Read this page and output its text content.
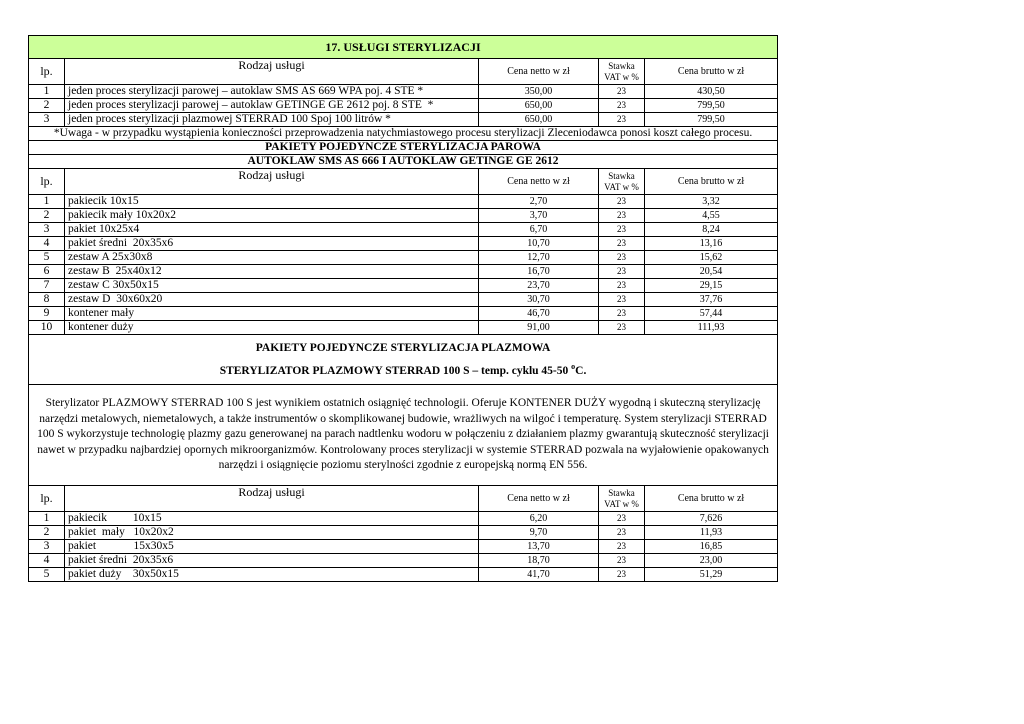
17. USŁUGI STERYLIZACJI				
lp.	Rodzaj usługi	Cena netto w zł	Stawka
VAT w %	Cena brutto w zł
1	jeden proces sterylizacji parowej – autoklaw SMS AS 669 WPA poj. 4 STE *	350,00	23	430,50
2	jeden proces sterylizacji parowej – autoklaw GETINGE GE 2612 poj. 8 STE  *	650,00	23	799,50
3	jeden proces sterylizacji plazmowej STERRAD 100 Spoj 100 litrów *	650,00	23	799,50
*Uwaga - w przypadku wystąpienia konieczności przeprowadzenia natychmiastowego procesu sterylizacji Zleceniodawca ponosi koszt całego procesu.				
PAKIETY POJEDYNCZE STERYLIZACJA PAROWA				
AUTOKLAW SMS AS 666 I AUTOKLAW GETINGE GE 2612				
lp.	Rodzaj usługi	Cena netto w zł	Stawka
VAT w %	Cena brutto w zł
1	pakiecik 10x15	2,70	23	3,32
2	pakiecik mały 10x20x2	3,70	23	4,55
3	pakiet 10x25x4	6,70	23	8,24
4	pakiet średni  20x35x6	10,70	23	13,16
5	zestaw A 25x30x8	12,70	23	15,62
6	zestaw B  25x40x12	16,70	23	20,54
7	zestaw C 30x50x15	23,70	23	29,15
8	zestaw D  30x60x20	30,70	23	37,76
9	kontener mały	46,70	23	57,44
10	kontener duży	91,00	23	111,93
PAKIETY POJEDYNCZE STERYLIZACJA PLAZMOWA
STERYLIZATOR PLAZMOWY STERRAD 100 S – temp. cyklu 45-50 $^o$C.				
Sterylizator PLAZMOWY STERRAD 100 S jest wynikiem ostatnich osiągnięć technologii. Oferuje KONTENER DUŻY wygodną i skuteczną sterylizację narzędzi metalowych, niemetalowych, a także instrumentów o skomplikowanej budowie, wrażliwych na wilgoć i temperaturę. System sterylizacji STERRAD 100 S wykorzystuje technologię plazmy gazu generowanej na parach nadtlenku wodoru w połączeniu z działaniem plazmy gwarantują skuteczność sterylizacji nawet w przypadku najbardziej opornych mikroorganizmów. Kontrolowany proces sterylizacji w systemie STERRAD pozwala na wyjałowienie opakowanych narzędzi i osiągnięcie poziomu sterylności zgodnie z europejską normą EN 556.				
lp.	Rodzaj usługi	Cena netto w zł	Stawka
VAT w %	Cena brutto w zł
1	pakiecik         10x15	6,20	23	7,626
2	pakiet  mały   10x20x2	9,70	23	11,93
3	pakiet             15x30x5	13,70	23	16,85
4	pakiet średni  20x35x6	18,70	23	23,00
5	pakiet duży    30x50x15	41,70	23	51,29
